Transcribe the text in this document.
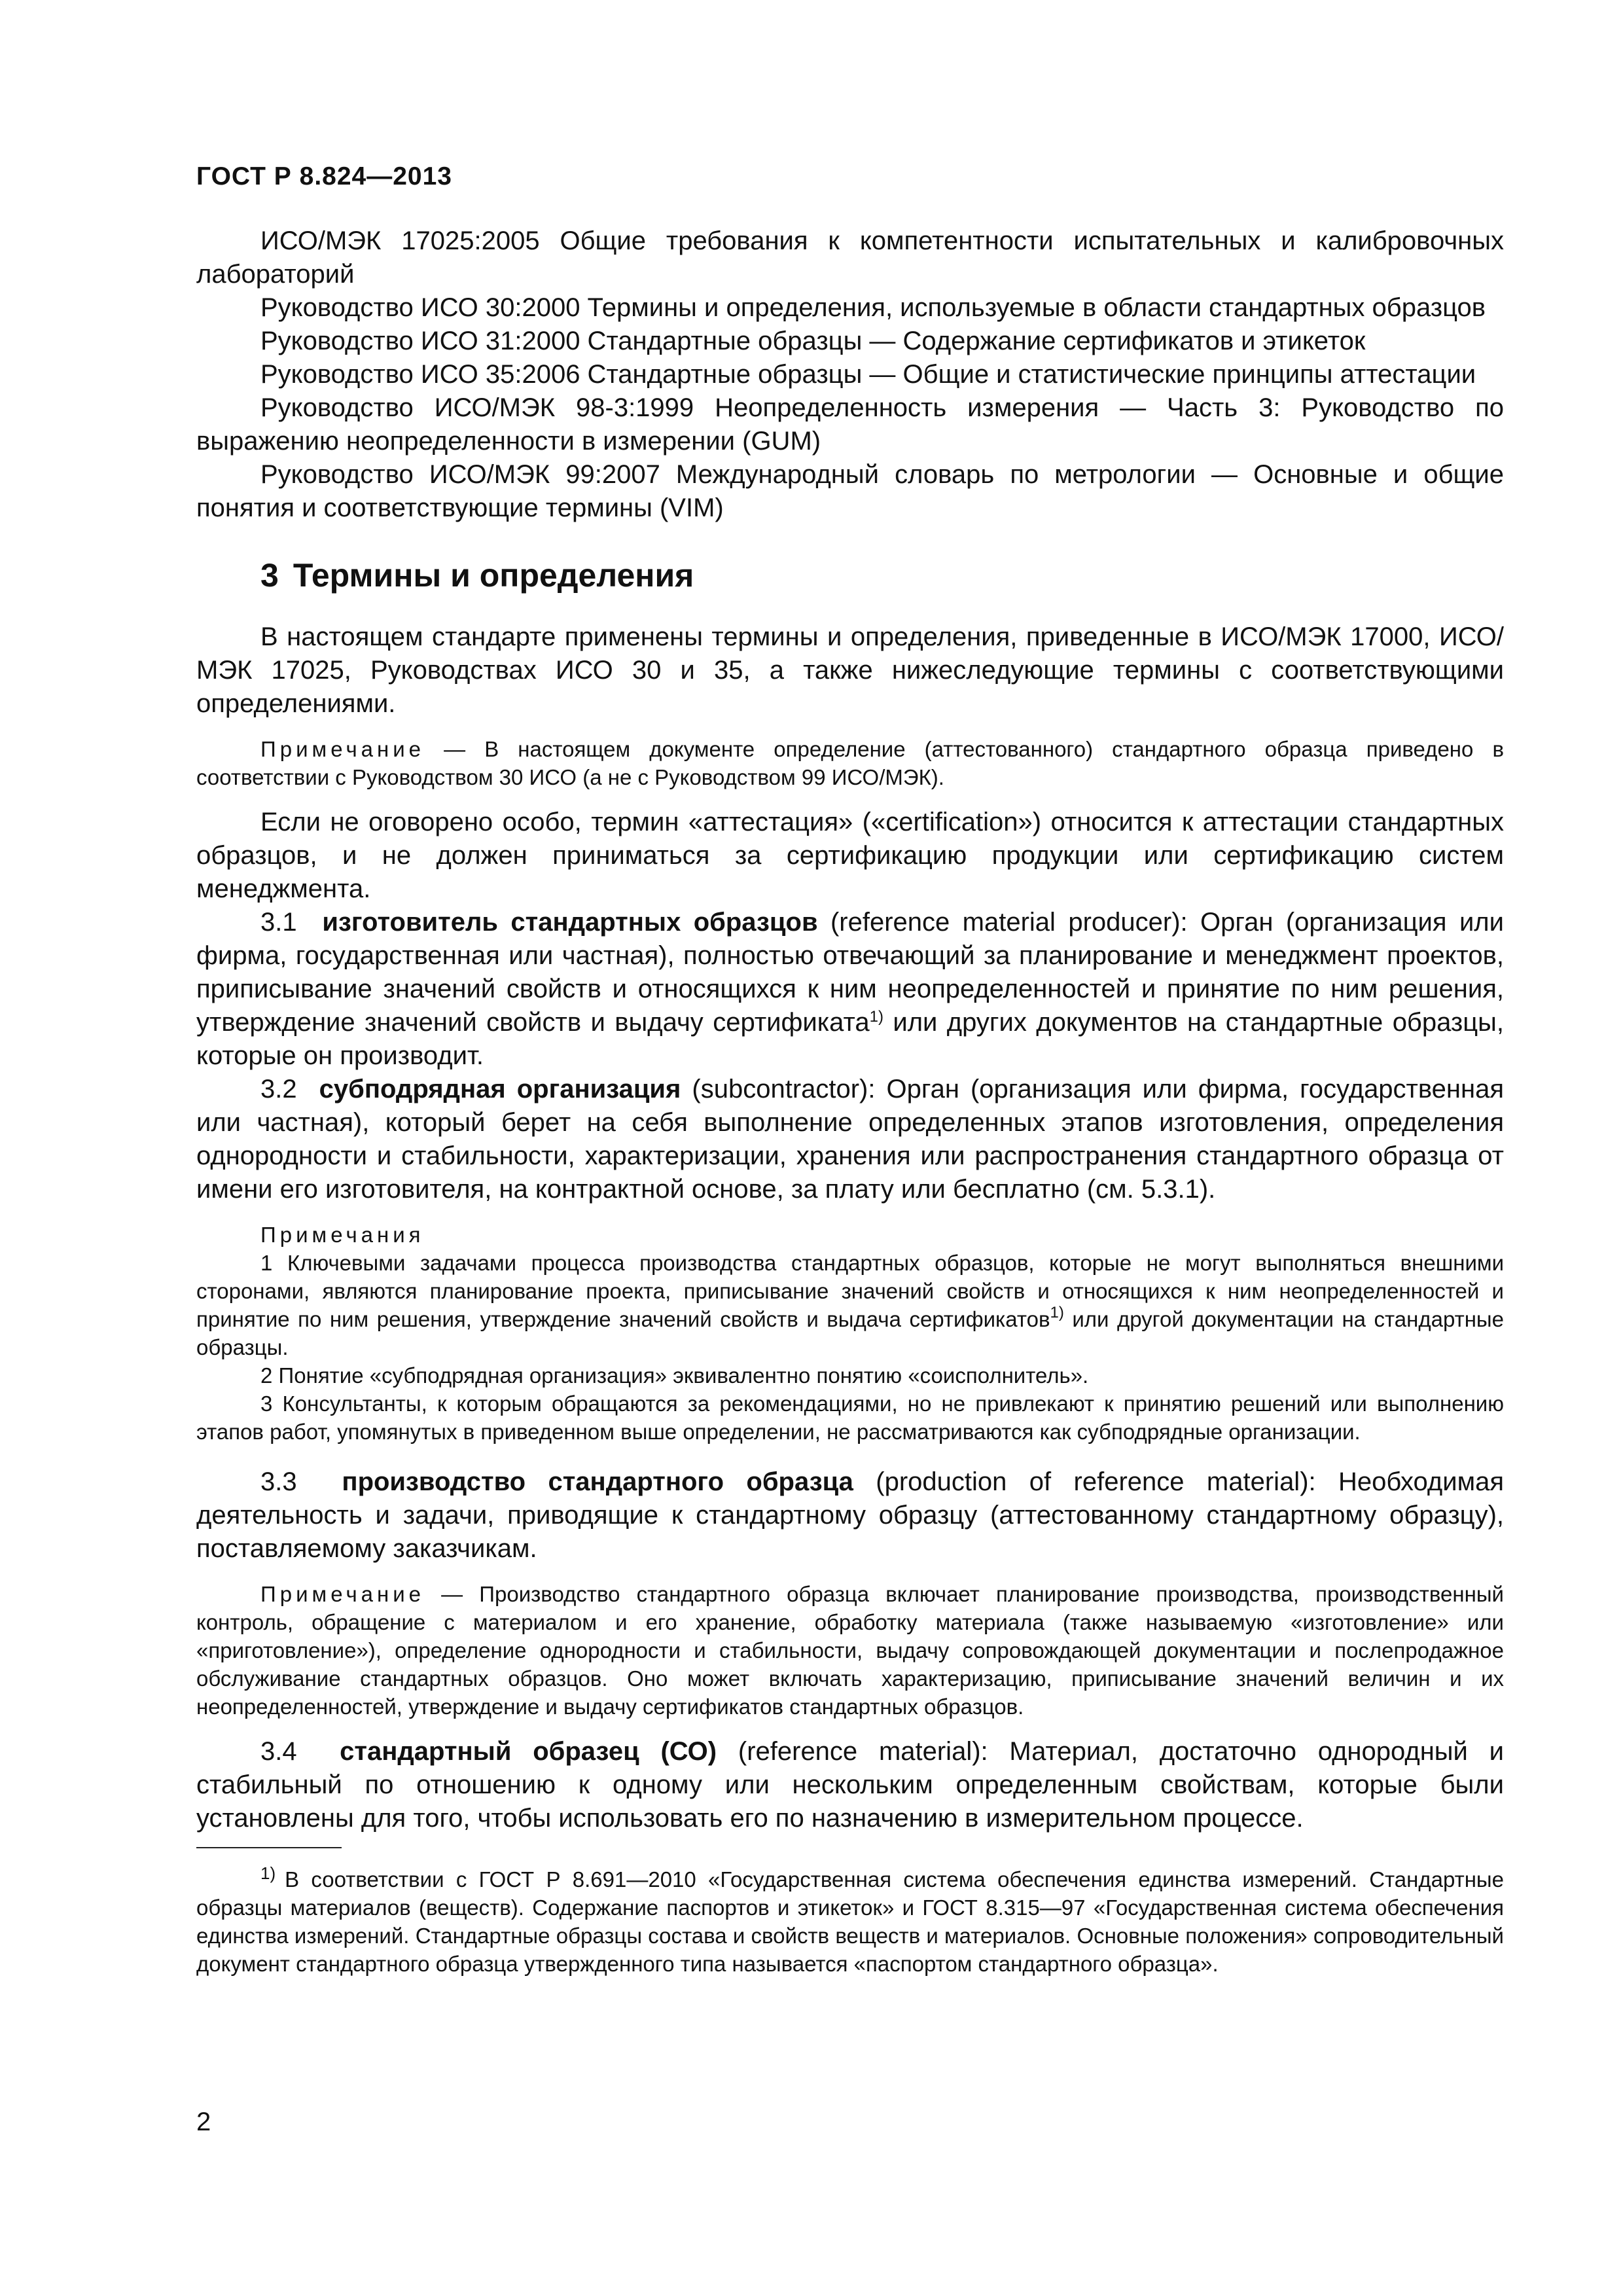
ГОСТ Р 8.824—2013

ИСО/МЭК 17025:2005 Общие требования к компетентности испытательных и калибровочных лабораторий

Руководство ИСО 30:2000 Термины и определения, используемые в области стандартных образцов

Руководство ИСО 31:2000 Стандартные образцы — Содержание сертификатов и этикеток

Руководство ИСО 35:2006 Стандартные образцы — Общие и статистические принципы аттестации

Руководство ИСО/МЭК 98-3:1999 Неопределенность измерения — Часть 3: Руководство по выражению неопределенности в измерении (GUM)

Руководство ИСО/МЭК 99:2007 Международный словарь по метрологии — Основные и общие понятия и соответствующие термины (VIM)

3 Термины и определения

В настоящем стандарте применены термины и определения, приведенные в ИСО/МЭК 17000, ИСО/МЭК 17025, Руководствах ИСО 30 и 35, а также нижеследующие термины с соответствующими определениями.

Примечание — В настоящем документе определение (аттестованного) стандартного образца приведено в соответствии с Руководством 30 ИСО (а не с Руководством 99 ИСО/МЭК).

Если не оговорено особо, термин «аттестация» («certification») относится к аттестации стандартных образцов, и не должен приниматься за сертификацию продукции или сертификацию систем менеджмента.

3.1 изготовитель стандартных образцов (reference material producer): Орган (организация или фирма, государственная или частная), полностью отвечающий за планирование и менеджмент проектов, приписывание значений свойств и относящихся к ним неопределенностей и принятие по ним решения, утверждение значений свойств и выдачу сертификата$^{1)}$ или других документов на стандартные образцы, которые он производит.

3.2 субподрядная организация (subcontractor): Орган (организация или фирма, государственная или частная), который берет на себя выполнение определенных этапов изготовления, определения однородности и стабильности, характеризации, хранения или распространения стандартного образца от имени его изготовителя, на контрактной основе, за плату или бесплатно (см. 5.3.1).

Примечания

1 Ключевыми задачами процесса производства стандартных образцов, которые не могут выполняться внешними сторонами, являются планирование проекта, приписывание значений свойств и относящихся к ним неопределенностей и принятие по ним решения, утверждение значений свойств и выдача сертификатов$^{1)}$ или другой документации на стандартные образцы.

2 Понятие «субподрядная организация» эквивалентно понятию «соисполнитель».

3 Консультанты, к которым обращаются за рекомендациями, но не привлекают к принятию решений или выполнению этапов работ, упомянутых в приведенном выше определении, не рассматриваются как субподрядные организации.

3.3 производство стандартного образца (production of reference material): Необходимая деятельность и задачи, приводящие к стандартному образцу (аттестованному стандартному образцу), поставляемому заказчикам.

Примечание — Производство стандартного образца включает планирование производства, производственный контроль, обращение с материалом и его хранение, обработку материала (также называемую «изготовление» или «приготовление»), определение однородности и стабильности, выдачу сопровождающей документации и послепродажное обслуживание стандартных образцов. Оно может включать характеризацию, приписывание значений величин и их неопределенностей, утверждение и выдачу сертификатов стандартных образцов.

3.4 стандартный образец (СО) (reference material): Материал, достаточно однородный и стабильный по отношению к одному или нескольким определенным свойствам, которые были установлены для того, чтобы использовать его по назначению в измерительном процессе.

$^{1)}$ В соответствии с ГОСТ Р 8.691—2010 «Государственная система обеспечения единства измерений. Стандартные образцы материалов (веществ). Содержание паспортов и этикеток» и ГОСТ 8.315—97 «Государственная система обеспечения единства измерений. Стандартные образцы состава и свойств веществ и материалов. Основные положения» сопроводительный документ стандартного образца утвержденного типа называется «паспортом стандартного образца».

2
